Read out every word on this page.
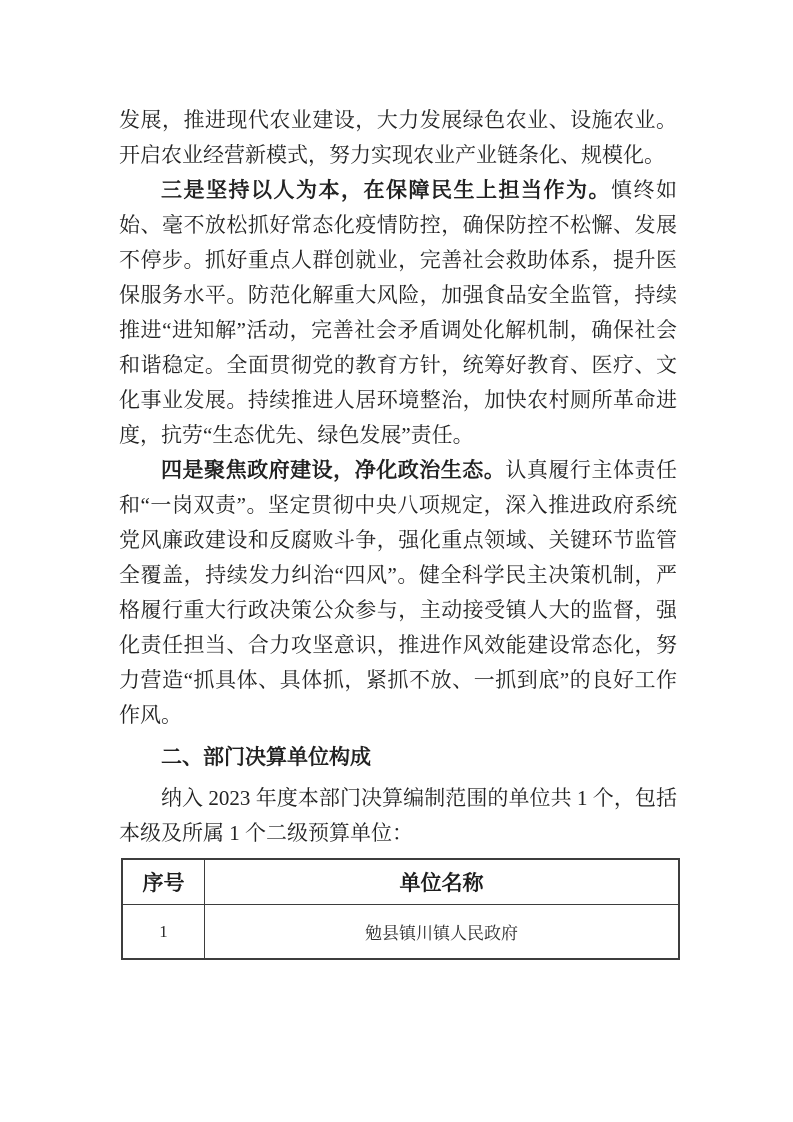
发展，推进现代农业建设，大力发展绿色农业、设施农业。开启农业经营新模式，努力实现农业产业链条化、规模化。

三是坚持以人为本，在保障民生上担当作为。慎终如始、毫不放松抓好常态化疫情防控，确保防控不松懈、发展不停步。抓好重点人群创就业，完善社会救助体系，提升医保服务水平。防范化解重大风险，加强食品安全监管，持续推进“进知解”活动，完善社会矛盾调处化解机制，确保社会和谐稳定。全面贯彻党的教育方针，统筹好教育、医疗、文化事业发展。持续推进人居环境整治，加快农村厕所革命进度，抗劳“生态优先、绿色发展”责任。

四是聚焦政府建设，净化政治生态。认真履行主体责任和“一岗双责”。坚定贯彻中央八项规定，深入推进政府系统党风廉政建设和反腐败斗争，强化重点领域、关键环节监管全覆盖，持续发力纠治“四风”。健全科学民主决策机制，严格履行重大行政决策公众参与，主动接受镇人大的监督，强化责任担当、合力攻坚意识，推进作风效能建设常态化，努力营造“抓具体、具体抓，紧抓不放、一抓到底”的良好工作作风。

二、部门决算单位构成

纳入 2023 年度本部门决算编制范围的单位共 1 个，包括本级及所属 1 个二级预算单位：

序号	单位名称
1	勉县镇川镇人民政府
